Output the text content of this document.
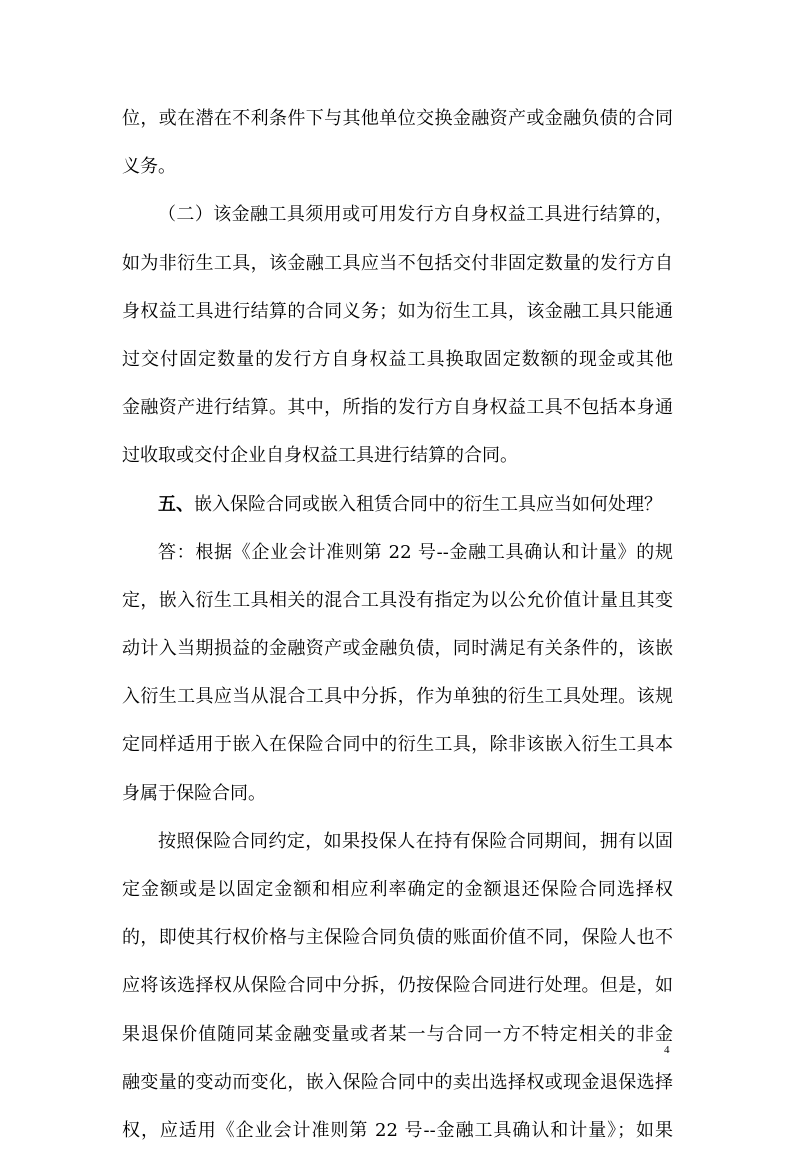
位，或在潜在不利条件下与其他单位交换金融资产或金融负债的合同
义务。
（二）该金融工具须用或可用发行方自身权益工具进行结算的，
如为非衍生工具，该金融工具应当不包括交付非固定数量的发行方自
身权益工具进行结算的合同义务；如为衍生工具，该金融工具只能通
过交付固定数量的发行方自身权益工具换取固定数额的现金或其他
金融资产进行结算。其中，所指的发行方自身权益工具不包括本身通
过收取或交付企业自身权益工具进行结算的合同。
五、嵌入保险合同或嵌入租赁合同中的衍生工具应当如何处理？
答：根据《企业会计准则第 22 号--金融工具确认和计量》的规
定，嵌入衍生工具相关的混合工具没有指定为以公允价值计量且其变
动计入当期损益的金融资产或金融负债，同时满足有关条件的，该嵌
入衍生工具应当从混合工具中分拆，作为单独的衍生工具处理。该规
定同样适用于嵌入在保险合同中的衍生工具，除非该嵌入衍生工具本
身属于保险合同。
按照保险合同约定，如果投保人在持有保险合同期间，拥有以固
定金额或是以固定金额和相应利率确定的金额退还保险合同选择权
的，即使其行权价格与主保险合同负债的账面价值不同，保险人也不
应将该选择权从保险合同中分拆，仍按保险合同进行处理。但是，如
果退保价值随同某金融变量或者某一与合同一方不特定相关的非金
融变量的变动而变化，嵌入保险合同中的卖出选择权或现金退保选择
权，应适用《企业会计准则第 22 号--金融工具确认和计量》；如果
4
